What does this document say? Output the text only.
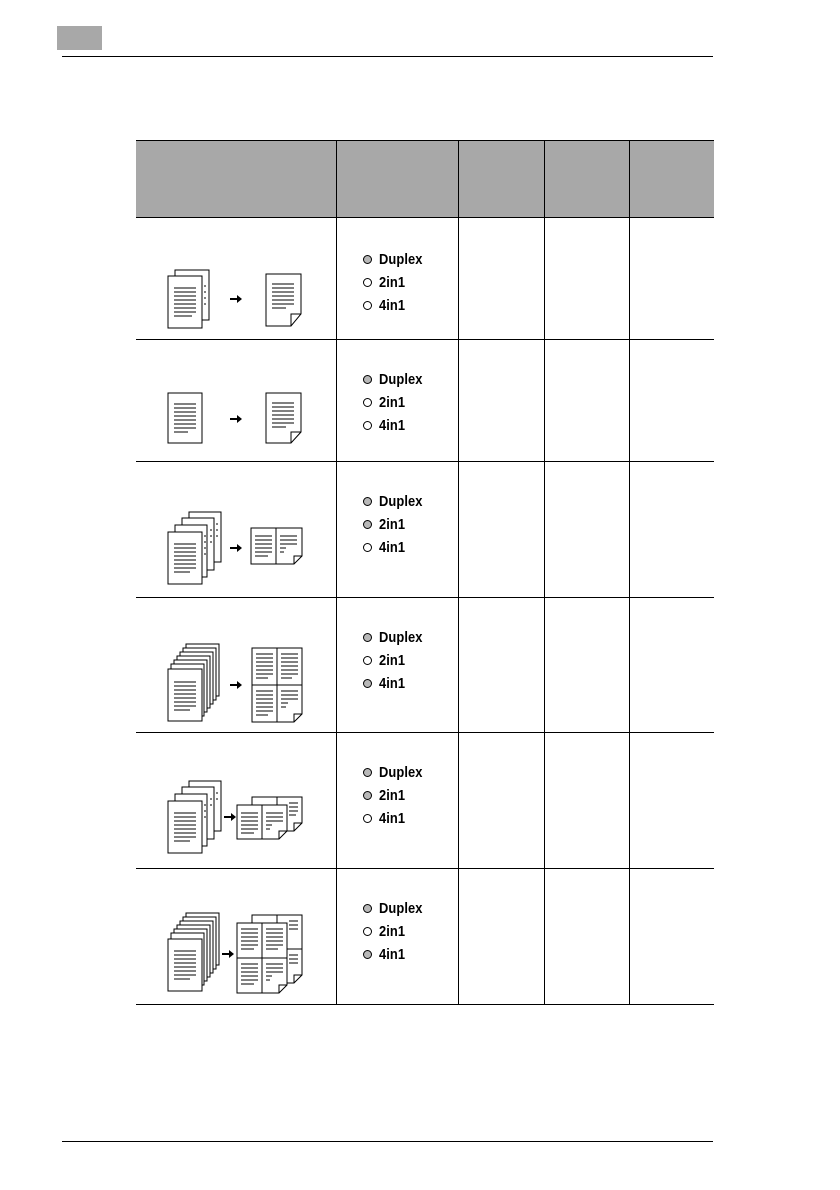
Duplex
2in1
4in1
Duplex
2in1
4in1
Duplex
2in1
4in1
Duplex
2in1
4in1
Duplex
2in1
4in1
Duplex
2in1
4in1
